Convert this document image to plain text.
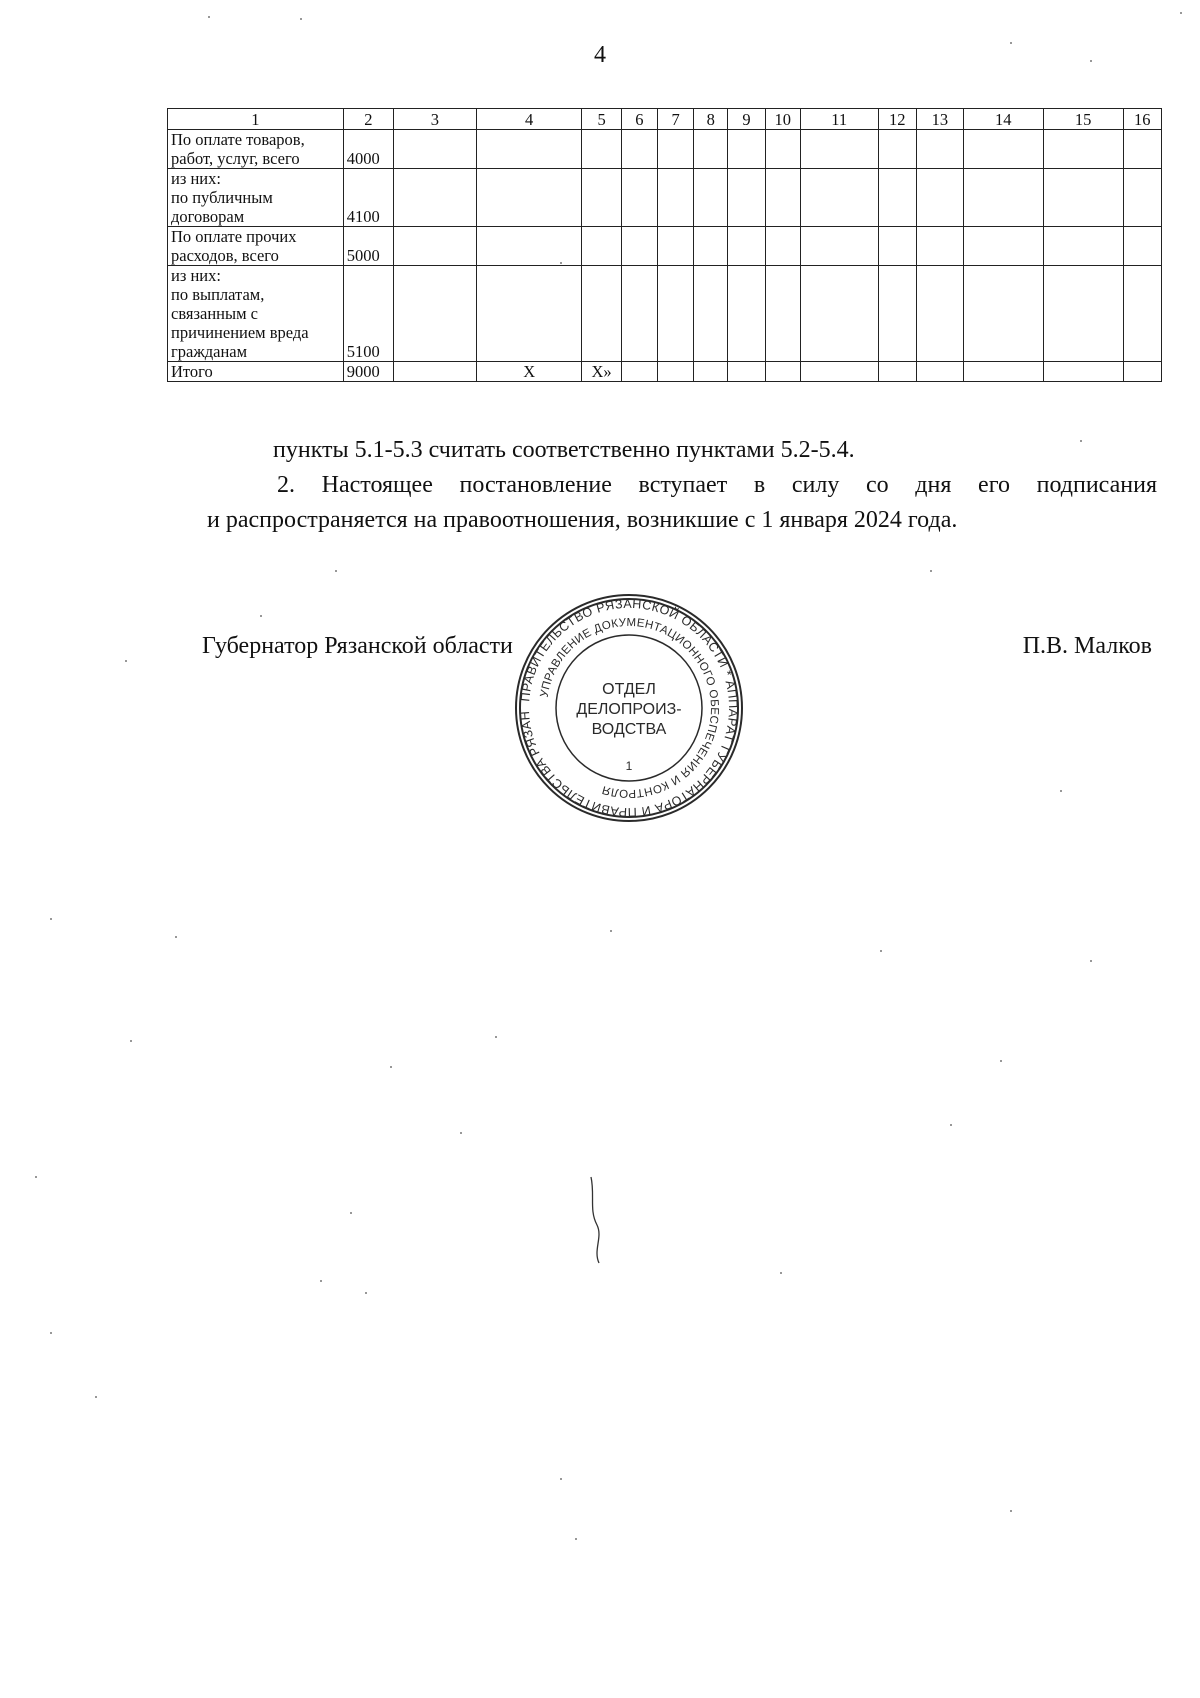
4
1	2	3	4	5	6	7	8	9	10	11	12	13	14	15	16

По оплате товаров,
работ, услуг, всего	4000														

из них:
по публичным
договорам	4100														

По оплате прочих
расходов, всего	5000														

из них:
по выплатам,
связанным с
причинением вреда
гражданам	5100														

Итого	9000		X	X»											
пункты 5.1-5.3 считать соответственно пунктами 5.2-5.4.
2. Настоящее постановление вступает в силу со дня его подписания
и распространяется на правоотношения, возникшие с 1 января 2024 года.
Губернатор Рязанской области	П.В. Малков
ПРАВИТЕЛЬСТВО РЯЗАНСКОЙ ОБЛАСТИ * АППАРАТ ГУБЕРНАТОРА И ПРАВИТЕЛЬСТВА РЯЗАН
УПРАВЛЕНИЕ ДОКУМЕНТАЦИОННОГО ОБЕСПЕЧЕНИЯ И КОНТРОЛЯ
ОТДЕЛ
ДЕЛОПРОИЗ-
ВОДСТВА
1
